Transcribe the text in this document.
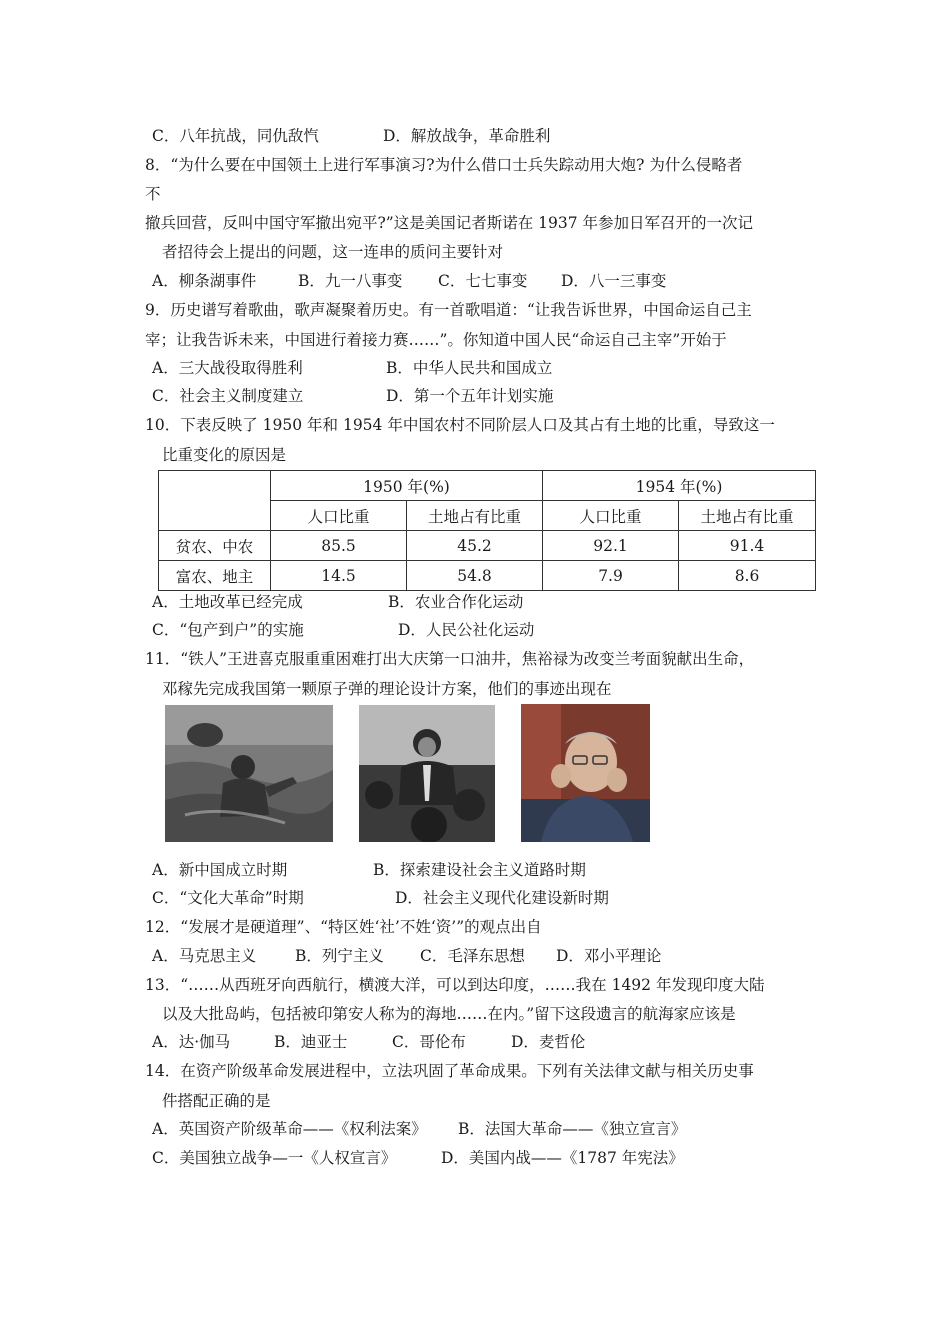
C．八年抗战，同仇敌忾	D．解放战争，革命胜利
8．“为什么要在中国领土上进行军事演习?为什么借口士兵失踪动用大炮? 为什么侵略者
不
撤兵回营，反叫中国守军撤出宛平?”这是美国记者斯诺在 1937 年参加日军召开的一次记
者招待会上提出的问题，这一连串的质问主要针对
A．柳条湖事件	B．九一八事变 C．七七事变 D．八一三事变
9．历史谱写着歌曲，歌声凝聚着历史。有一首歌唱道：“让我告诉世界，中国命运自己主
宰；让我告诉未来，中国进行着接力赛……”。你知道中国人民“命运自己主宰”开始于
A．三大战役取得胜利	B．中华人民共和国成立
C．社会主义制度建立	D．第一个五年计划实施
10．下表反映了 1950 年和 1954 年中国农村不同阶层人口及其占有土地的比重，导致这一
比重变化的原因是
	1950 年(%)		1954 年(%)	
	人口比重	土地占有比重	人口比重	土地占有比重
贫农、中农	85.5	45.2	92.1	91.4
富农、地主	14.5	54.8	7.9	8.6
A．土地改革已经完成	B．农业合作化运动
C．“包产到户”的实施	D．人民公社化运动
11．“铁人”王进喜克服重重困难打出大庆第一口油井，焦裕禄为改变兰考面貌献出生命，
邓稼先完成我国第一颗原子弹的理论设计方案，他们的事迹出现在
A．新中国成立时期	B．探索建设社会主义道路时期
C．“文化大革命”时期	D．社会主义现代化建设新时期
12．“发展才是硬道理”、“特区姓‘社’不姓‘资’”的观点出自
A．马克思主义	B．列宁主义 C．毛泽东思想 D．邓小平理论
13．“……从西班牙向西航行，横渡大洋，可以到达印度，……我在 1492 年发现印度大陆
以及大批岛屿，包括被印第安人称为的海地……在内。”留下这段遗言的航海家应该是
A．达·伽马	B．迪亚士	C．哥伦布	D．麦哲伦
14．在资产阶级革命发展进程中，立法巩固了革命成果。下列有关法律文献与相关历史事
件搭配正确的是
A．英国资产阶级革命——《权利法案》 B．法国大革命——《独立宣言》
C．美国独立战争—一《人权宣言》	D．美国内战——《1787 年宪法》
